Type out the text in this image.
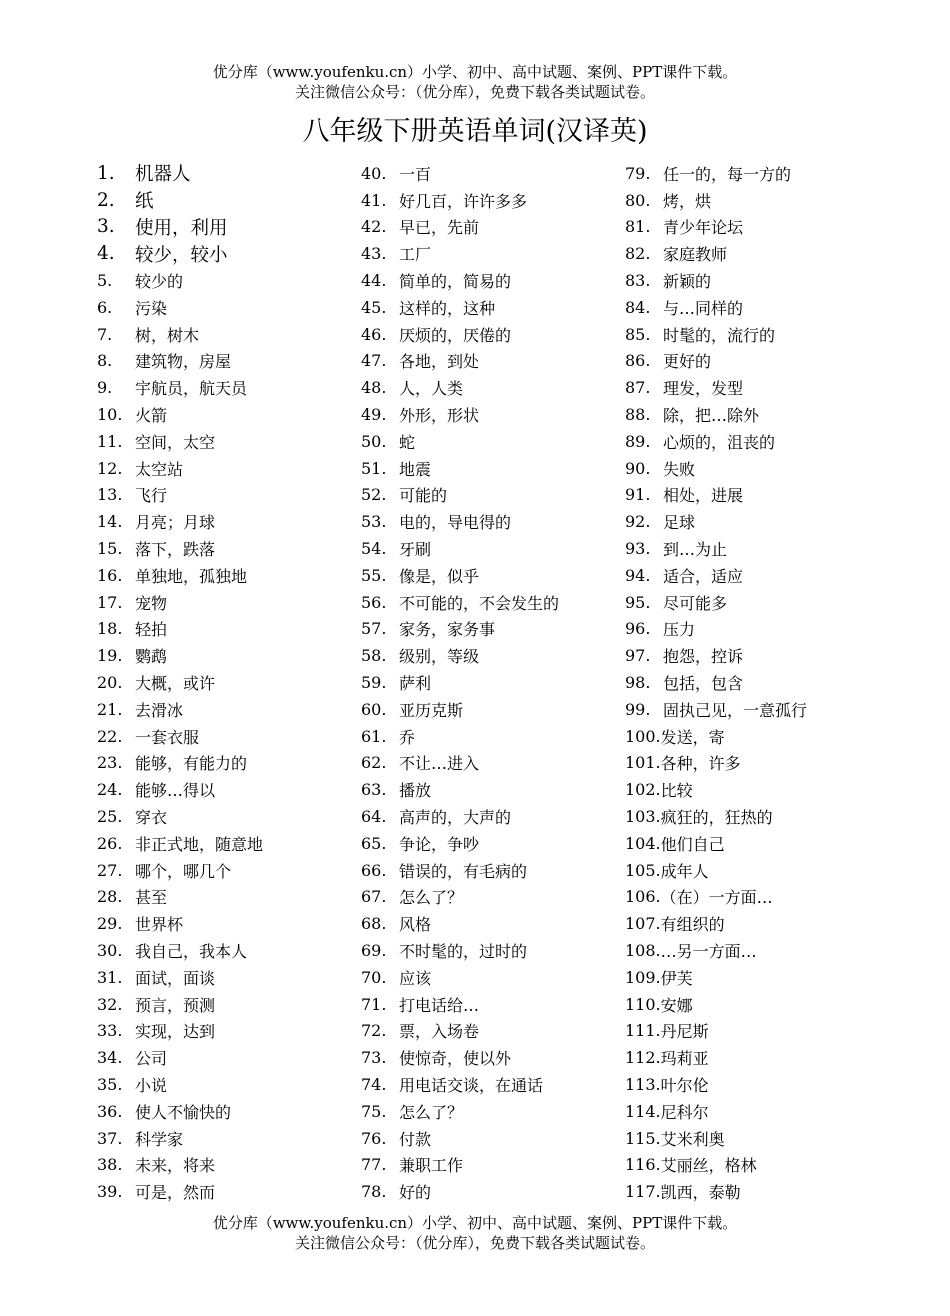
优分库（www.youfenku.cn）小学、初中、高中试题、案例、PPT课件下载。
关注微信公众号：（优分库），免费下载各类试题试卷。
八年级下册英语单词(汉译英)
1.	机器人
2.	纸
3.	使用，利用
4.	较少，较小
5.	较少的
6.	污染
7.	树，树木
8.	建筑物，房屋
9.	宇航员，航天员
10. 火箭
11. 空间，太空
12. 太空站
13. 飞行
14. 月亮；月球
15. 落下，跌落
16. 单独地，孤独地
17. 宠物
18. 轻拍
19. 鹦鹉
20. 大概，或许
21. 去滑冰
22. 一套衣服
23. 能够，有能力的
24. 能够…得以
25. 穿衣
26. 非正式地，随意地
27. 哪个，哪几个
28. 甚至
29. 世界杯
30. 我自己，我本人
31. 面试，面谈
32. 预言，预测
33. 实现，达到
34. 公司
35. 小说
36. 使人不愉快的
37. 科学家
38. 未来，将来
39. 可是，然而
40. 一百
41. 好几百，许许多多
42. 早已，先前
43. 工厂
44. 简单的，简易的
45. 这样的，这种
46. 厌烦的，厌倦的
47. 各地，到处
48. 人，人类
49. 外形，形状
50. 蛇
51. 地震
52. 可能的
53. 电的，导电得的
54. 牙刷
55. 像是，似乎
56. 不可能的，不会发生的
57. 家务，家务事
58. 级别，等级
59. 萨利
60. 亚历克斯
61. 乔
62. 不让…进入
63. 播放
64. 高声的，大声的
65. 争论，争吵
66. 错误的，有毛病的
67. 怎么了？
68. 风格
69. 不时髦的，过时的
70. 应该
71. 打电话给…
72. 票，入场卷
73. 使惊奇，使以外
74. 用电话交谈，在通话
75. 怎么了？
76. 付款
77. 兼职工作
78. 好的
79. 任一的，每一方的
80. 烤，烘
81. 青少年论坛
82. 家庭教师
83. 新颖的
84. 与…同样的
85. 时髦的，流行的
86. 更好的
87. 理发，发型
88. 除，把…除外
89. 心烦的，沮丧的
90. 失败
91. 相处，进展
92. 足球
93. 到…为止
94. 适合，适应
95. 尽可能多
96. 压力
97. 抱怨，控诉
98. 包括，包含
99. 固执己见，一意孤行
100. 发送，寄
101. 各种，许多
102. 比较
103. 疯狂的，狂热的
104. 他们自己
105. 成年人
106. （在）一方面…
107. 有组织的
108. …另一方面…
109. 伊芙
110. 安娜
111. 丹尼斯
112. 玛莉亚
113. 叶尔伦
114. 尼科尔
115. 艾米利奥
116. 艾丽丝，格林
117. 凯西，泰勒
优分库（www.youfenku.cn）小学、初中、高中试题、案例、PPT课件下载。
关注微信公众号：（优分库），免费下载各类试题试卷。
